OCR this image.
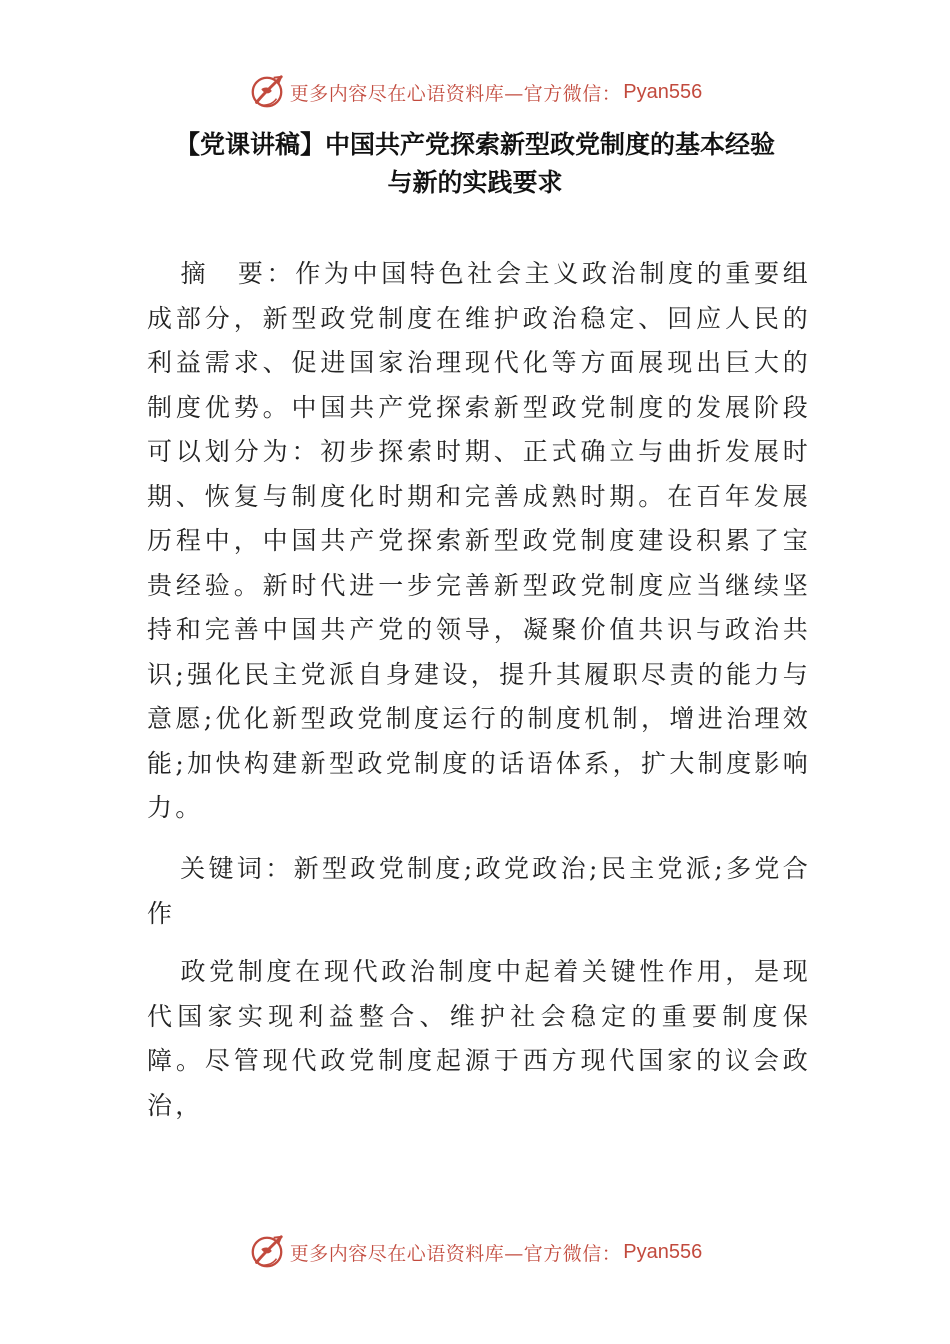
更多内容尽在心语资料库—官方微信： Pyan556
【党课讲稿】中国共产党探索新型政党制度的基本经验
与新的实践要求

摘　要：作为中国特色社会主义政治制度的重要组成部分，新型政党制度在维护政治稳定、回应人民的利益需求、促进国家治理现代化等方面展现出巨大的制度优势。中国共产党探索新型政党制度的发展阶段可以划分为：初步探索时期、正式确立与曲折发展时期、恢复与制度化时期和完善成熟时期。在百年发展历程中，中国共产党探索新型政党制度建设积累了宝贵经验。新时代进一步完善新型政党制度应当继续坚持和完善中国共产党的领导，凝聚价值共识与政治共识;强化民主党派自身建设，提升其履职尽责的能力与意愿;优化新型政党制度运行的制度机制，增进治理效能;加快构建新型政党制度的话语体系，扩大制度影响力。

关键词：新型政党制度;政党政治;民主党派;多党合作

政党制度在现代政治制度中起着关键性作用，是现代国家实现利益整合、维护社会稳定的重要制度保障。尽管现代政党制度起源于西方现代国家的议会政治，

更多内容尽在心语资料库—官方微信： Pyan556
